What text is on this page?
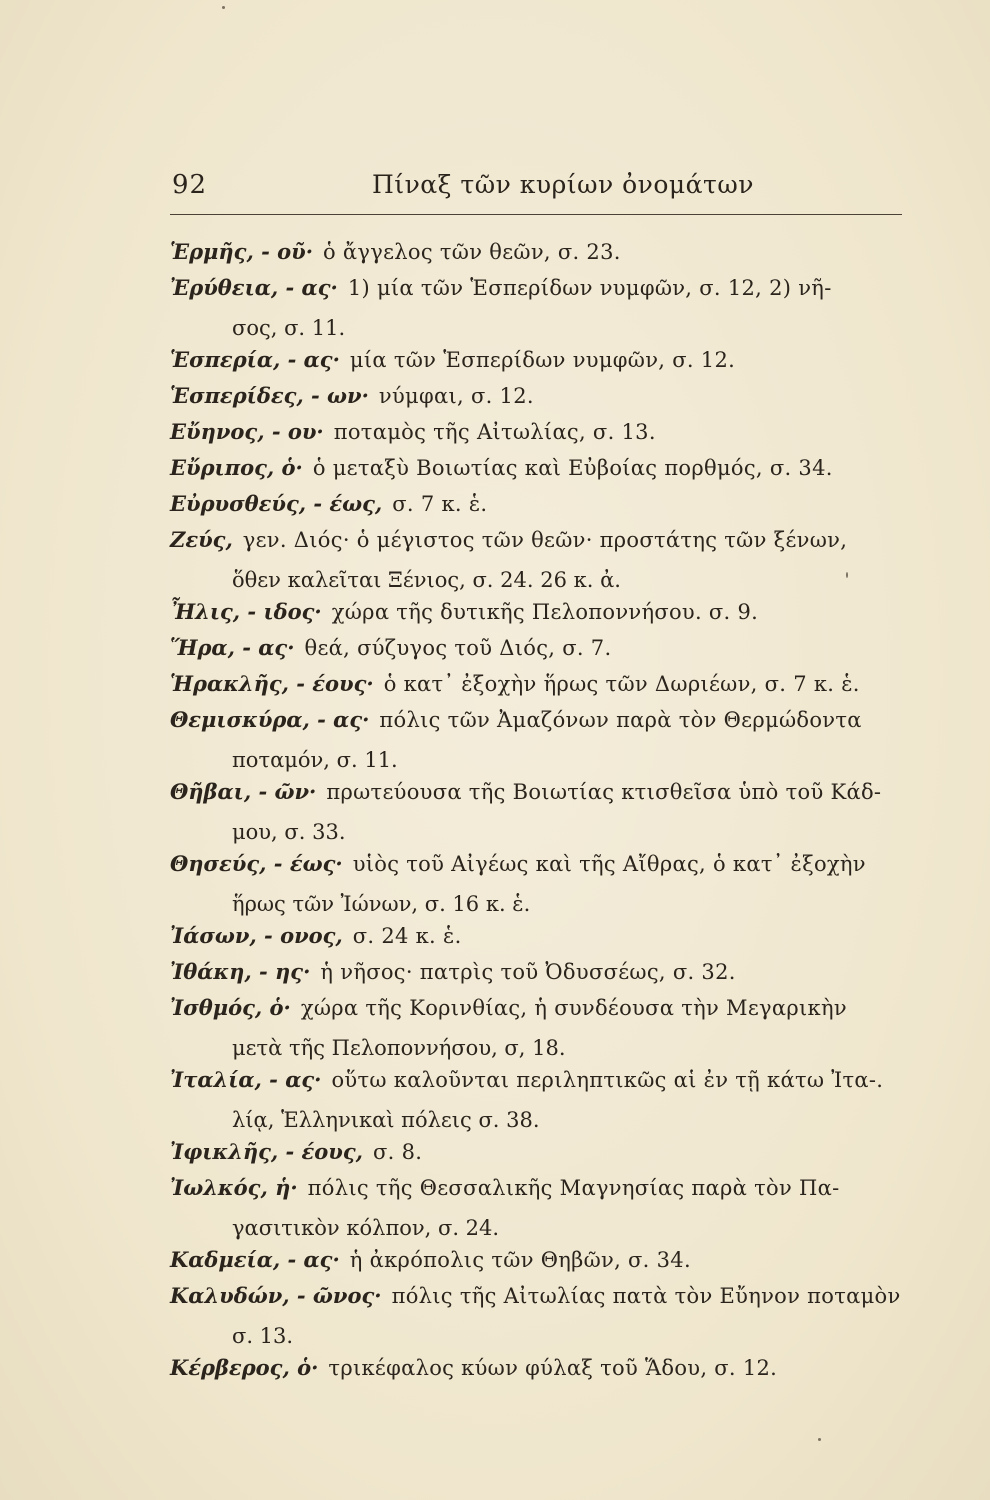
92	Πίναξ τῶν κυρίων ὀνομάτων
Ἑρμῆς, - οῦ· ὁ ἄγγελος τῶν θεῶν, σ. 23.
Ἐρύθεια, - ας· 1) μία τῶν Ἑσπερίδων νυμφῶν, σ. 12, 2) νῆ-
σος, σ. 11.
Ἑσπερία, - ας· μία τῶν Ἑσπερίδων νυμφῶν, σ. 12.
Ἑσπερίδες, - ων· νύμφαι, σ. 12.
Εὔηνος, - ου· ποταμὸς τῆς Αἰτωλίας, σ. 13.
Εὔριπος, ὁ· ὁ μεταξὺ Βοιωτίας καὶ Εὐβοίας πορθμός, σ. 34.
Εὐρυσθεύς, - έως, σ. 7 κ. ἑ.
Ζεύς, γεν. Διός· ὁ μέγιστος τῶν θεῶν· προστάτης τῶν ξένων,
ὅθεν καλεῖται Ξένιος, σ. 24. 26 κ. ἀ.
Ἦλις, - ιδος· χώρα τῆς δυτικῆς Πελοποννήσου. σ. 9.
Ἥρα, - ας· θεά, σύζυγος τοῦ Διός, σ. 7.
Ἡρακλῆς, - έους· ὁ κατ᾽ ἐξοχὴν ἥρως τῶν Δωριέων, σ. 7 κ. ἑ.
Θεμισκύρα, - ας· πόλις τῶν Ἀμαζόνων παρὰ τὸν Θερμώδοντα
ποταμόν, σ. 11.
Θῆβαι, - ῶν· πρωτεύουσα τῆς Βοιωτίας κτισθεῖσα ὑπὸ τοῦ Κάδ-
μου, σ. 33.
Θησεύς, - έως· υἱὸς τοῦ Αἰγέως καὶ τῆς Αἴθρας, ὁ κατ᾽ ἐξοχὴν
ἥρως τῶν Ἰώνων, σ. 16 κ. ἑ.
Ἰάσων, - ονος, σ. 24 κ. ἑ.
Ἰθάκη, - ης· ἡ νῆσος· πατρὶς τοῦ Ὀδυσσέως, σ. 32.
Ἰσθμός, ὁ· χώρα τῆς Κορινθίας, ἡ συνδέουσα τὴν Μεγαρικὴν
μετὰ τῆς Πελοποννήσου, σ, 18.
Ἰταλία, - ας· οὕτω καλοῦνται περιληπτικῶς αἱ ἐν τῇ κάτω Ἰτα-.
λίᾳ, Ἑλληνικαὶ πόλεις σ. 38.
Ἰφικλῆς, - έους, σ. 8.
Ἰωλκός, ἡ· πόλις τῆς Θεσσαλικῆς Μαγνησίας παρὰ τὸν Πα-
γασιτικὸν κόλπον, σ. 24.
Καδμεία, - ας· ἡ ἀκρόπολις τῶν Θηβῶν, σ. 34.
Καλυδών, - ῶνος· πόλις τῆς Αἰτωλίας πατὰ τὸν Εὔηνον ποταμὸν
σ. 13.
Κέρβερος, ὁ· τρικέφαλος κύων φύλαξ τοῦ Ἅδου, σ. 12.
